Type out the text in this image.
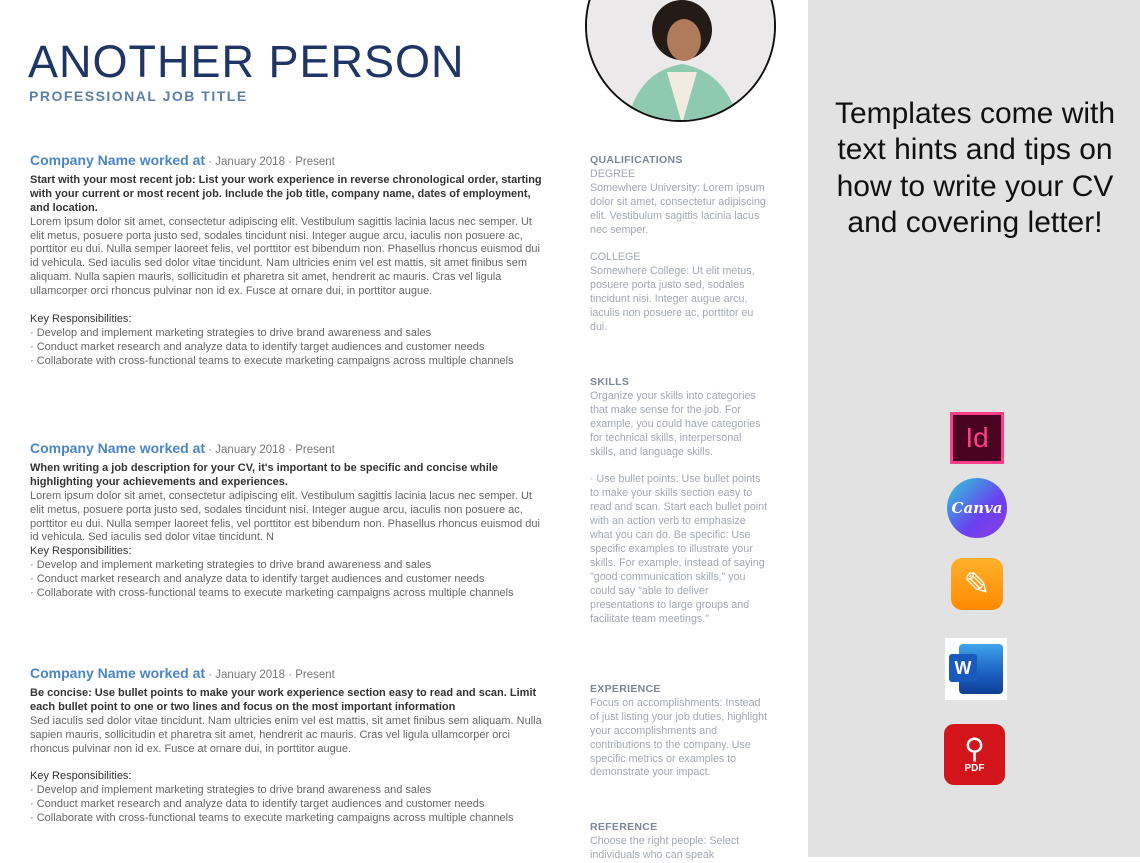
ANOTHER PERSON
PROFESSIONAL JOB TITLE
Company Name worked at · January 2018 · Present
Start with your most recent job: List your work experience in reverse chronological order, starting with your current or most recent job. Include the job title, company name, dates of employment, and location.
Lorem ipsum dolor sit amet, consectetur adipiscing elit. Vestibulum sagittis lacinia lacus nec semper. Ut elit metus, posuere porta justo sed, sodales tincidunt nisi. Integer augue arcu, iaculis non posuere ac, porttitor eu dui. Nulla semper laoreet felis, vel porttitor est bibendum non. Phasellus rhoncus euismod dui id vehicula. Sed iaculis sed dolor vitae tincidunt. Nam ultricies enim vel est mattis, sit amet finibus sem aliquam. Nulla sapien mauris, sollicitudin et pharetra sit amet, hendrerit ac mauris. Cras vel ligula ullamcorper orci rhoncus pulvinar non id ex. Fusce at ornare dui, in porttitor augue.
Key Responsibilities:
· Develop and implement marketing strategies to drive brand awareness and sales
· Conduct market research and analyze data to identify target audiences and customer needs
· Collaborate with cross-functional teams to execute marketing campaigns across multiple channels
Company Name worked at · January 2018 · Present
When writing a job description for your CV, it's important to be specific and concise while highlighting your achievements and experiences.
Lorem ipsum dolor sit amet, consectetur adipiscing elit. Vestibulum sagittis lacinia lacus nec semper. Ut elit metus, posuere porta justo sed, sodales tincidunt nisi. Integer augue arcu, iaculis non posuere ac, porttitor eu dui. Nulla semper laoreet felis, vel porttitor est bibendum non. Phasellus rhoncus euismod dui id vehicula. Sed iaculis sed dolor vitae tincidunt. N
Key Responsibilities:
· Develop and implement marketing strategies to drive brand awareness and sales
· Conduct market research and analyze data to identify target audiences and customer needs
· Collaborate with cross-functional teams to execute marketing campaigns across multiple channels
Company Name worked at · January 2018 · Present
Be concise: Use bullet points to make your work experience section easy to read and scan. Limit each bullet point to one or two lines and focus on the most important information
Sed iaculis sed dolor vitae tincidunt. Nam ultricies enim vel est mattis, sit amet finibus sem aliquam. Nulla sapien mauris, sollicitudin et pharetra sit amet, hendrerit ac mauris. Cras vel ligula ullamcorper orci rhoncus pulvinar non id ex. Fusce at ornare dui, in porttitor augue.
Key Responsibilities:
· Develop and implement marketing strategies to drive brand awareness and sales
· Conduct market research and analyze data to identify target audiences and customer needs
· Collaborate with cross-functional teams to execute marketing campaigns across multiple channels
QUALIFICATIONS
DEGREE
Somewhere University: Lorem ipsum dolor sit amet, consectetur adipiscing elit. Vestibulum sagittis lacinia lacus nec semper.
COLLEGE
Somewhere College: Ut elit metus, posuere porta justo sed, sodales tincidunt nisi. Integer augue arcu, iaculis non posuere ac, porttitor eu dui.
SKILLS
Organize your skills into categories that make sense for the job. For example, you could have categories for technical skills, interpersonal skills, and language skills.
· Use bullet points: Use bullet points to make your skills section easy to read and scan. Start each bullet point with an action verb to emphasize what you can do. Be specific: Use specific examples to illustrate your skills. For example, instead of saying "good communication skills," you could say "able to deliver presentations to large groups and facilitate team meetings."
EXPERIENCE
Focus on accomplishments: Instead of just listing your job duties, highlight your accomplishments and contributions to the company. Use specific metrics or examples to demonstrate your impact.
REFERENCE
Choose the right people: Select individuals who can speak
Templates come with text hints and tips on how to write your CV and covering letter!
Id
Canva
✎
W
⚲
PDF
